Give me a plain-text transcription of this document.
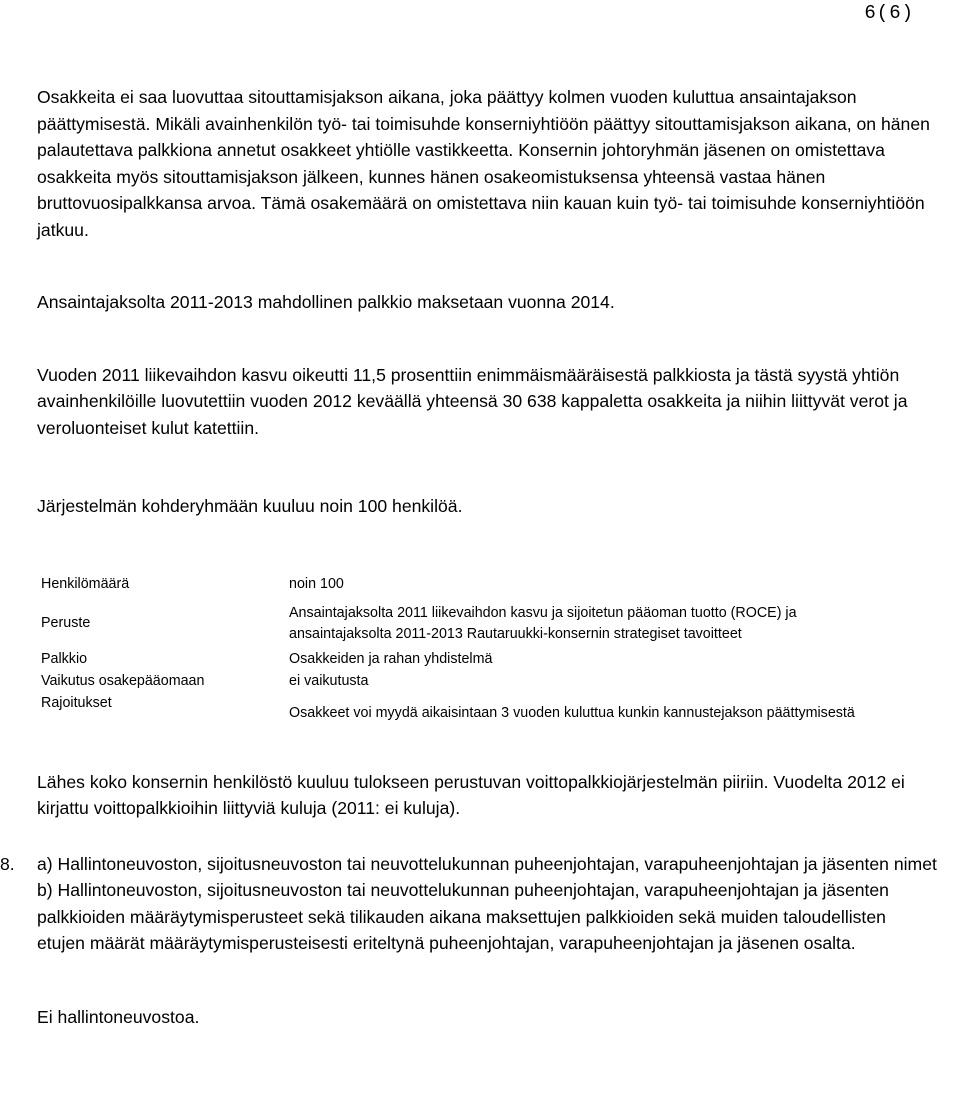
6(6)

Osakkeita ei saa luovuttaa sitouttamisjakson aikana, joka päättyy kolmen vuoden kuluttua ansaintajakson päättymisestä. Mikäli avainhenkilön työ- tai toimisuhde konserniyhtiöön päättyy sitouttamisjakson aikana, on hänen palautettava palkkiona annetut osakkeet yhtiölle vastikkeetta. Konsernin johtoryhmän jäsenen on omistettava osakkeita myös sitouttamisjakson jälkeen, kunnes hänen osakeomistuksensa yhteensä vastaa hänen bruttovuosipalkkansa arvoa. Tämä osakemäärä on omistettava niin kauan kuin työ- tai toimisuhde konserniyhtiöön jatkuu.

Ansaintajaksolta 2011-2013 mahdollinen palkkio maksetaan vuonna 2014.

Vuoden 2011 liikevaihdon kasvu oikeutti 11,5 prosenttiin enimmäismääräisestä palkkiosta ja tästä syystä yhtiön avainhenkilöille luovutettiin vuoden 2012 keväällä yhteensä 30 638 kappaletta osakkeita ja niihin liittyvät verot ja veroluonteiset kulut katettiin.

Järjestelmän kohderyhmään kuuluu noin 100 henkilöä.

Henkilömäärä	noin 100
Peruste	Ansaintajaksolta 2011 liikevaihdon kasvu ja sijoitetun pääoman tuotto (ROCE) ja ansaintajaksolta 2011-2013 Rautaruukki-konsernin strategiset tavoitteet
Palkkio	Osakkeiden ja rahan yhdistelmä
Vaikutus osakepääomaan	ei vaikutusta
Rajoitukset	Osakkeet voi myydä aikaisintaan 3 vuoden kuluttua kunkin kannustejakson päättymisestä

Lähes koko konsernin henkilöstö kuuluu tulokseen perustuvan voittopalkkiojärjestelmän piiriin. Vuodelta 2012 ei kirjattu voittopalkkioihin liittyviä kuluja (2011: ei kuluja).

8.	a) Hallintoneuvoston, sijoitusneuvoston tai neuvottelukunnan puheenjohtajan, varapuheenjohtajan ja jäsenten nimet

b) Hallintoneuvoston, sijoitusneuvoston tai neuvottelukunnan puheenjohtajan, varapuheenjohtajan ja jäsenten palkkioiden määräytymisperusteet sekä tilikauden aikana maksettujen palkkioiden sekä muiden taloudellisten etujen määrät määräytymisperusteisesti eriteltynä puheenjohtajan, varapuheenjohtajan ja jäsenen osalta.

Ei hallintoneuvostoa.
